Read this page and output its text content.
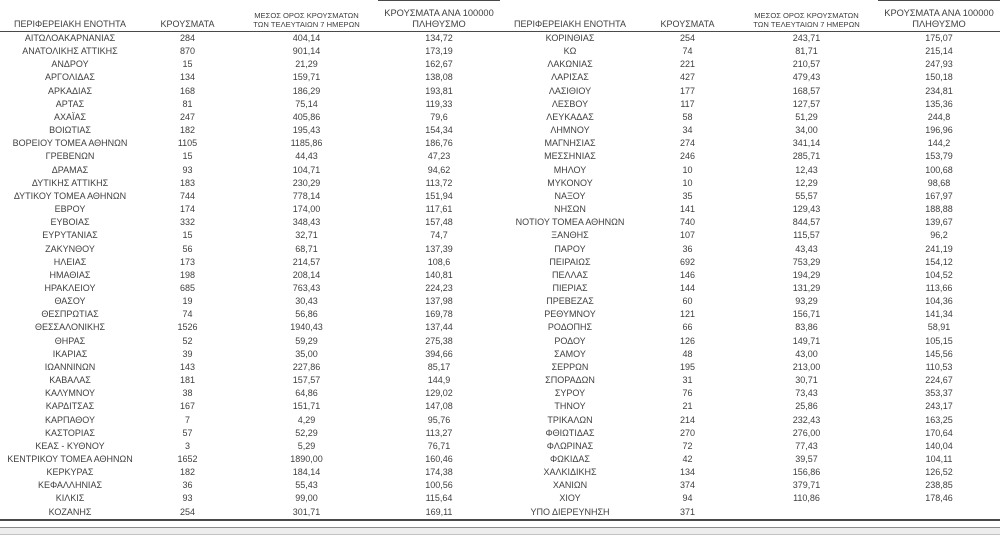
ΠΕΡΙΦΕΡΕΙΑΚΗ ΕΝΟΤΗΤΑ	ΚΡΟΥΣΜΑΤΑ	ΜΕΣΟΣ ΟΡΟΣ ΚΡΟΥΣΜΑΤΩΝ
ΤΩΝ ΤΕΛΕΥΤΑΙΩΝ 7 ΗΜΕΡΩΝ	ΚΡΟΥΣΜΑΤΑ ΑΝΑ 100000
ΠΛΗΘΥΣΜΟ

ΑΙΤΩΛΟΑΚΑΡΝΑΝΙΑΣ	284	404,14	134,72
ΑΝΑΤΟΛΙΚΗΣ ΑΤΤΙΚΗΣ	870	901,14	173,19
ΑΝΔΡΟΥ	15	21,29	162,67
ΑΡΓΟΛΙΔΑΣ	134	159,71	138,08
ΑΡΚΑΔΙΑΣ	168	186,29	193,81
ΑΡΤΑΣ	81	75,14	119,33
ΑΧΑΪΑΣ	247	405,86	79,6
ΒΟΙΩΤΙΑΣ	182	195,43	154,34
ΒΟΡΕΙΟΥ ΤΟΜΕΑ ΑΘΗΝΩΝ	1105	1185,86	186,76
ΓΡΕΒΕΝΩΝ	15	44,43	47,23
ΔΡΑΜΑΣ	93	104,71	94,62
ΔΥΤΙΚΗΣ ΑΤΤΙΚΗΣ	183	230,29	113,72
ΔΥΤΙΚΟΥ ΤΟΜΕΑ ΑΘΗΝΩΝ	744	778,14	151,94
ΕΒΡΟΥ	174	174,00	117,61
ΕΥΒΟΙΑΣ	332	348,43	157,48
ΕΥΡΥΤΑΝΙΑΣ	15	32,71	74,7
ΖΑΚΥΝΘΟΥ	56	68,71	137,39
ΗΛΕΙΑΣ	173	214,57	108,6
ΗΜΑΘΙΑΣ	198	208,14	140,81
ΗΡΑΚΛΕΙΟΥ	685	763,43	224,23
ΘΑΣΟΥ	19	30,43	137,98
ΘΕΣΠΡΩΤΙΑΣ	74	56,86	169,78
ΘΕΣΣΑΛΟΝΙΚΗΣ	1526	1940,43	137,44
ΘΗΡΑΣ	52	59,29	275,38
ΙΚΑΡΙΑΣ	39	35,00	394,66
ΙΩΑΝΝΙΝΩΝ	143	227,86	85,17
ΚΑΒΑΛΑΣ	181	157,57	144,9
ΚΑΛΥΜΝΟΥ	38	64,86	129,02
ΚΑΡΔΙΤΣΑΣ	167	151,71	147,08
ΚΑΡΠΑΘΟΥ	7	4,29	95,76
ΚΑΣΤΟΡΙΑΣ	57	52,29	113,27
ΚΕΑΣ - ΚΥΘΝΟΥ	3	5,29	76,71
ΚΕΝΤΡΙΚΟΥ ΤΟΜΕΑ ΑΘΗΝΩΝ	1652	1890,00	160,46
ΚΕΡΚΥΡΑΣ	182	184,14	174,38
ΚΕΦΑΛΛΗΝΙΑΣ	36	55,43	100,56
ΚΙΛΚΙΣ	93	99,00	115,64
ΚΟΖΑΝΗΣ	254	301,71	169,11
ΠΕΡΙΦΕΡΕΙΑΚΗ ΕΝΟΤΗΤΑ	ΚΡΟΥΣΜΑΤΑ	ΜΕΣΟΣ ΟΡΟΣ ΚΡΟΥΣΜΑΤΩΝ
ΤΩΝ ΤΕΛΕΥΤΑΙΩΝ 7 ΗΜΕΡΩΝ	ΚΡΟΥΣΜΑΤΑ ΑΝΑ 100000
ΠΛΗΘΥΣΜΟ

ΚΟΡΙΝΘΙΑΣ	254	243,71	175,07
ΚΩ	74	81,71	215,14
ΛΑΚΩΝΙΑΣ	221	210,57	247,93
ΛΑΡΙΣΑΣ	427	479,43	150,18
ΛΑΣΙΘΙΟΥ	177	168,57	234,81
ΛΕΣΒΟΥ	117	127,57	135,36
ΛΕΥΚΑΔΑΣ	58	51,29	244,8
ΛΗΜΝΟΥ	34	34,00	196,96
ΜΑΓΝΗΣΙΑΣ	274	341,14	144,2
ΜΕΣΣΗΝΙΑΣ	246	285,71	153,79
ΜΗΛΟΥ	10	12,43	100,68
ΜΥΚΟΝΟΥ	10	12,29	98,68
ΝΑΞΟΥ	35	55,57	167,97
ΝΗΣΩΝ	141	129,43	188,88
ΝΟΤΙΟΥ ΤΟΜΕΑ ΑΘΗΝΩΝ	740	844,57	139,67
ΞΑΝΘΗΣ	107	115,57	96,2
ΠΑΡΟΥ	36	43,43	241,19
ΠΕΙΡΑΙΩΣ	692	753,29	154,12
ΠΕΛΛΑΣ	146	194,29	104,52
ΠΙΕΡΙΑΣ	144	131,29	113,66
ΠΡΕΒΕΖΑΣ	60	93,29	104,36
ΡΕΘΥΜΝΟΥ	121	156,71	141,34
ΡΟΔΟΠΗΣ	66	83,86	58,91
ΡΟΔΟΥ	126	149,71	105,15
ΣΑΜΟΥ	48	43,00	145,56
ΣΕΡΡΩΝ	195	213,00	110,53
ΣΠΟΡΑΔΩΝ	31	30,71	224,67
ΣΥΡΟΥ	76	73,43	353,37
ΤΗΝΟΥ	21	25,86	243,17
ΤΡΙΚΑΛΩΝ	214	232,43	163,25
ΦΘΙΩΤΙΔΑΣ	270	276,00	170,64
ΦΛΩΡΙΝΑΣ	72	77,43	140,04
ΦΩΚΙΔΑΣ	42	39,57	104,11
ΧΑΛΚΙΔΙΚΗΣ	134	156,86	126,52
ΧΑΝΙΩΝ	374	379,71	238,85
ΧΙΟΥ	94	110,86	178,46
ΥΠΟ ΔΙΕΡΕΥΝΗΣΗ	371		
